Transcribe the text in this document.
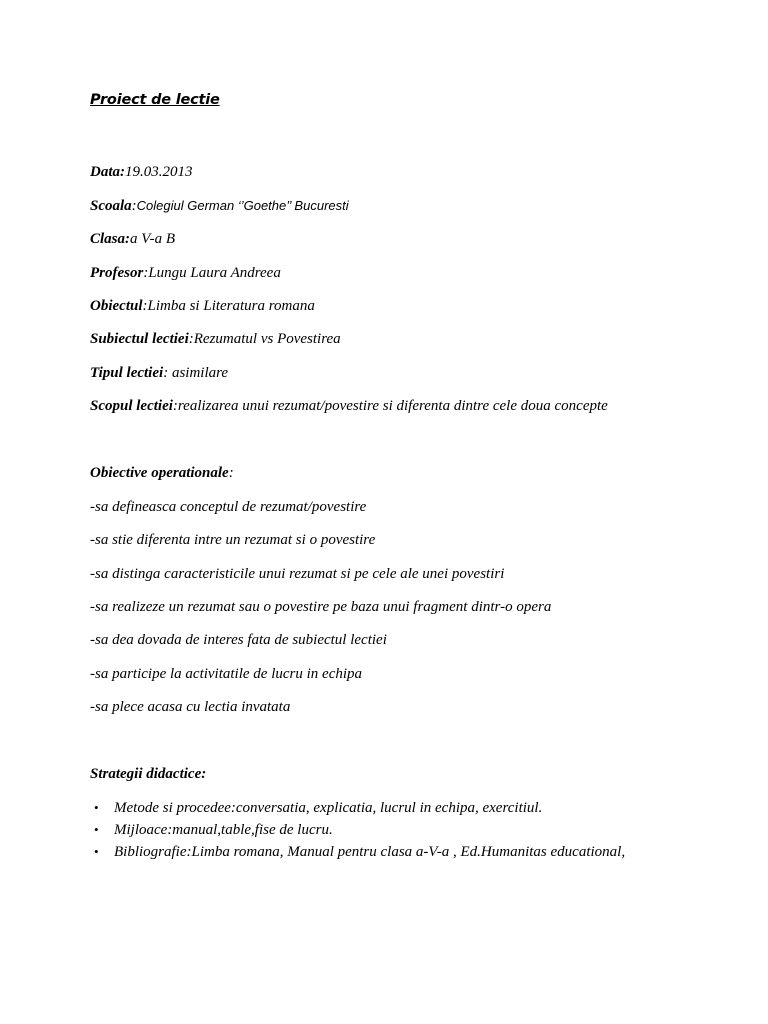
Proiect de lectie
Data:19.03.2013
Scoala:Colegiul German ‘’Goethe’’ Bucuresti
Clasa:a V-a B
Profesor:Lungu Laura Andreea
Obiectul:Limba si Literatura romana
Subiectul lectiei:Rezumatul vs Povestirea
Tipul lectiei: asimilare
Scopul lectiei:realizarea unui rezumat/povestire si diferenta dintre cele doua concepte
Obiective operationale:
-sa defineasca conceptul de rezumat/povestire
-sa stie diferenta intre un rezumat si o povestire
-sa distinga caracteristicile unui rezumat si pe cele ale unei povestiri
-sa realizeze un rezumat sau o povestire pe baza unui fragment dintr-o opera
-sa dea dovada de interes fata de subiectul lectiei
-sa participe la activitatile de lucru in echipa
-sa plece acasa cu lectia invatata
Strategii didactice:
• Metode si procedee:conversatia, explicatia, lucrul in echipa, exercitiul.
• Mijloace:manual,table,fise de lucru.
• Bibliografie:Limba romana, Manual pentru clasa a-V-a , Ed.Humanitas educational,
